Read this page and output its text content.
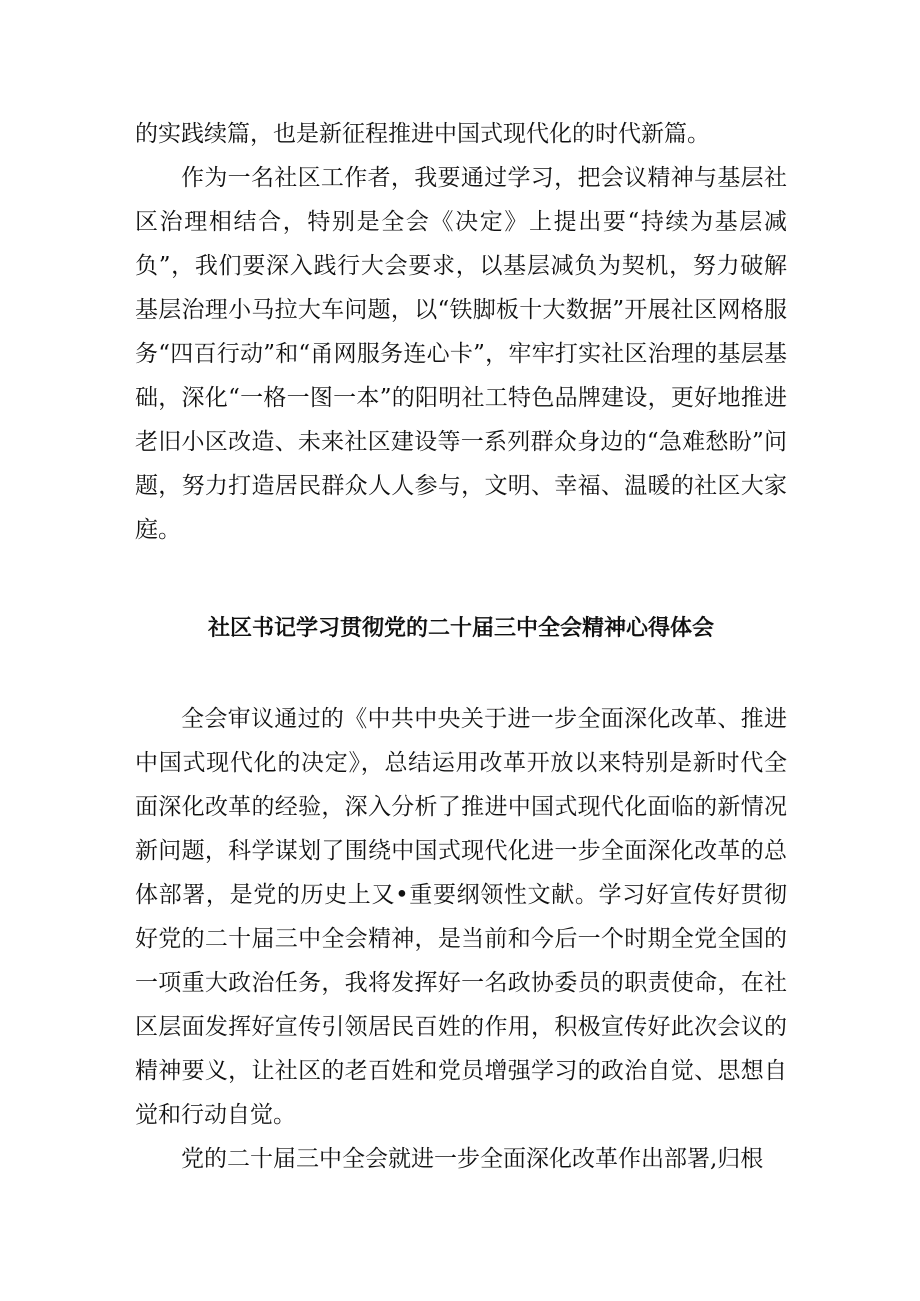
的实践续篇，也是新征程推进中国式现代化的时代新篇。

作为一名社区工作者，我要通过学习，把会议精神与基层社区治理相结合，特别是全会《决定》上提出要“持续为基层减负”，我们要深入践行大会要求，以基层减负为契机，努力破解基层治理小马拉大车问题，以“铁脚板十大数据”开展社区网格服务“四百行动”和“甬网服务连心卡”，牢牢打实社区治理的基层基础，深化“一格一图一本”的阳明社工特色品牌建设，更好地推进老旧小区改造、未来社区建设等一系列群众身边的“急难愁盼”问题，努力打造居民群众人人参与，文明、幸福、温暖的社区大家庭。

社区书记学习贯彻党的二十届三中全会精神心得体会

全会审议通过的《中共中央关于进一步全面深化改革、推进中国式现代化的决定》，总结运用改革开放以来特别是新时代全面深化改革的经验，深入分析了推进中国式现代化面临的新情况新问题，科学谋划了围绕中国式现代化进一步全面深化改革的总体部署，是党的历史上又•重要纲领性文献。学习好宣传好贯彻好党的二十届三中全会精神，是当前和今后一个时期全党全国的一项重大政治任务，我将发挥好一名政协委员的职责使命，在社区层面发挥好宣传引领居民百姓的作用，积极宣传好此次会议的精神要义，让社区的老百姓和党员增强学习的政治自觉、思想自觉和行动自觉。

党的二十届三中全会就进一步全面深化改革作出部署,归根
